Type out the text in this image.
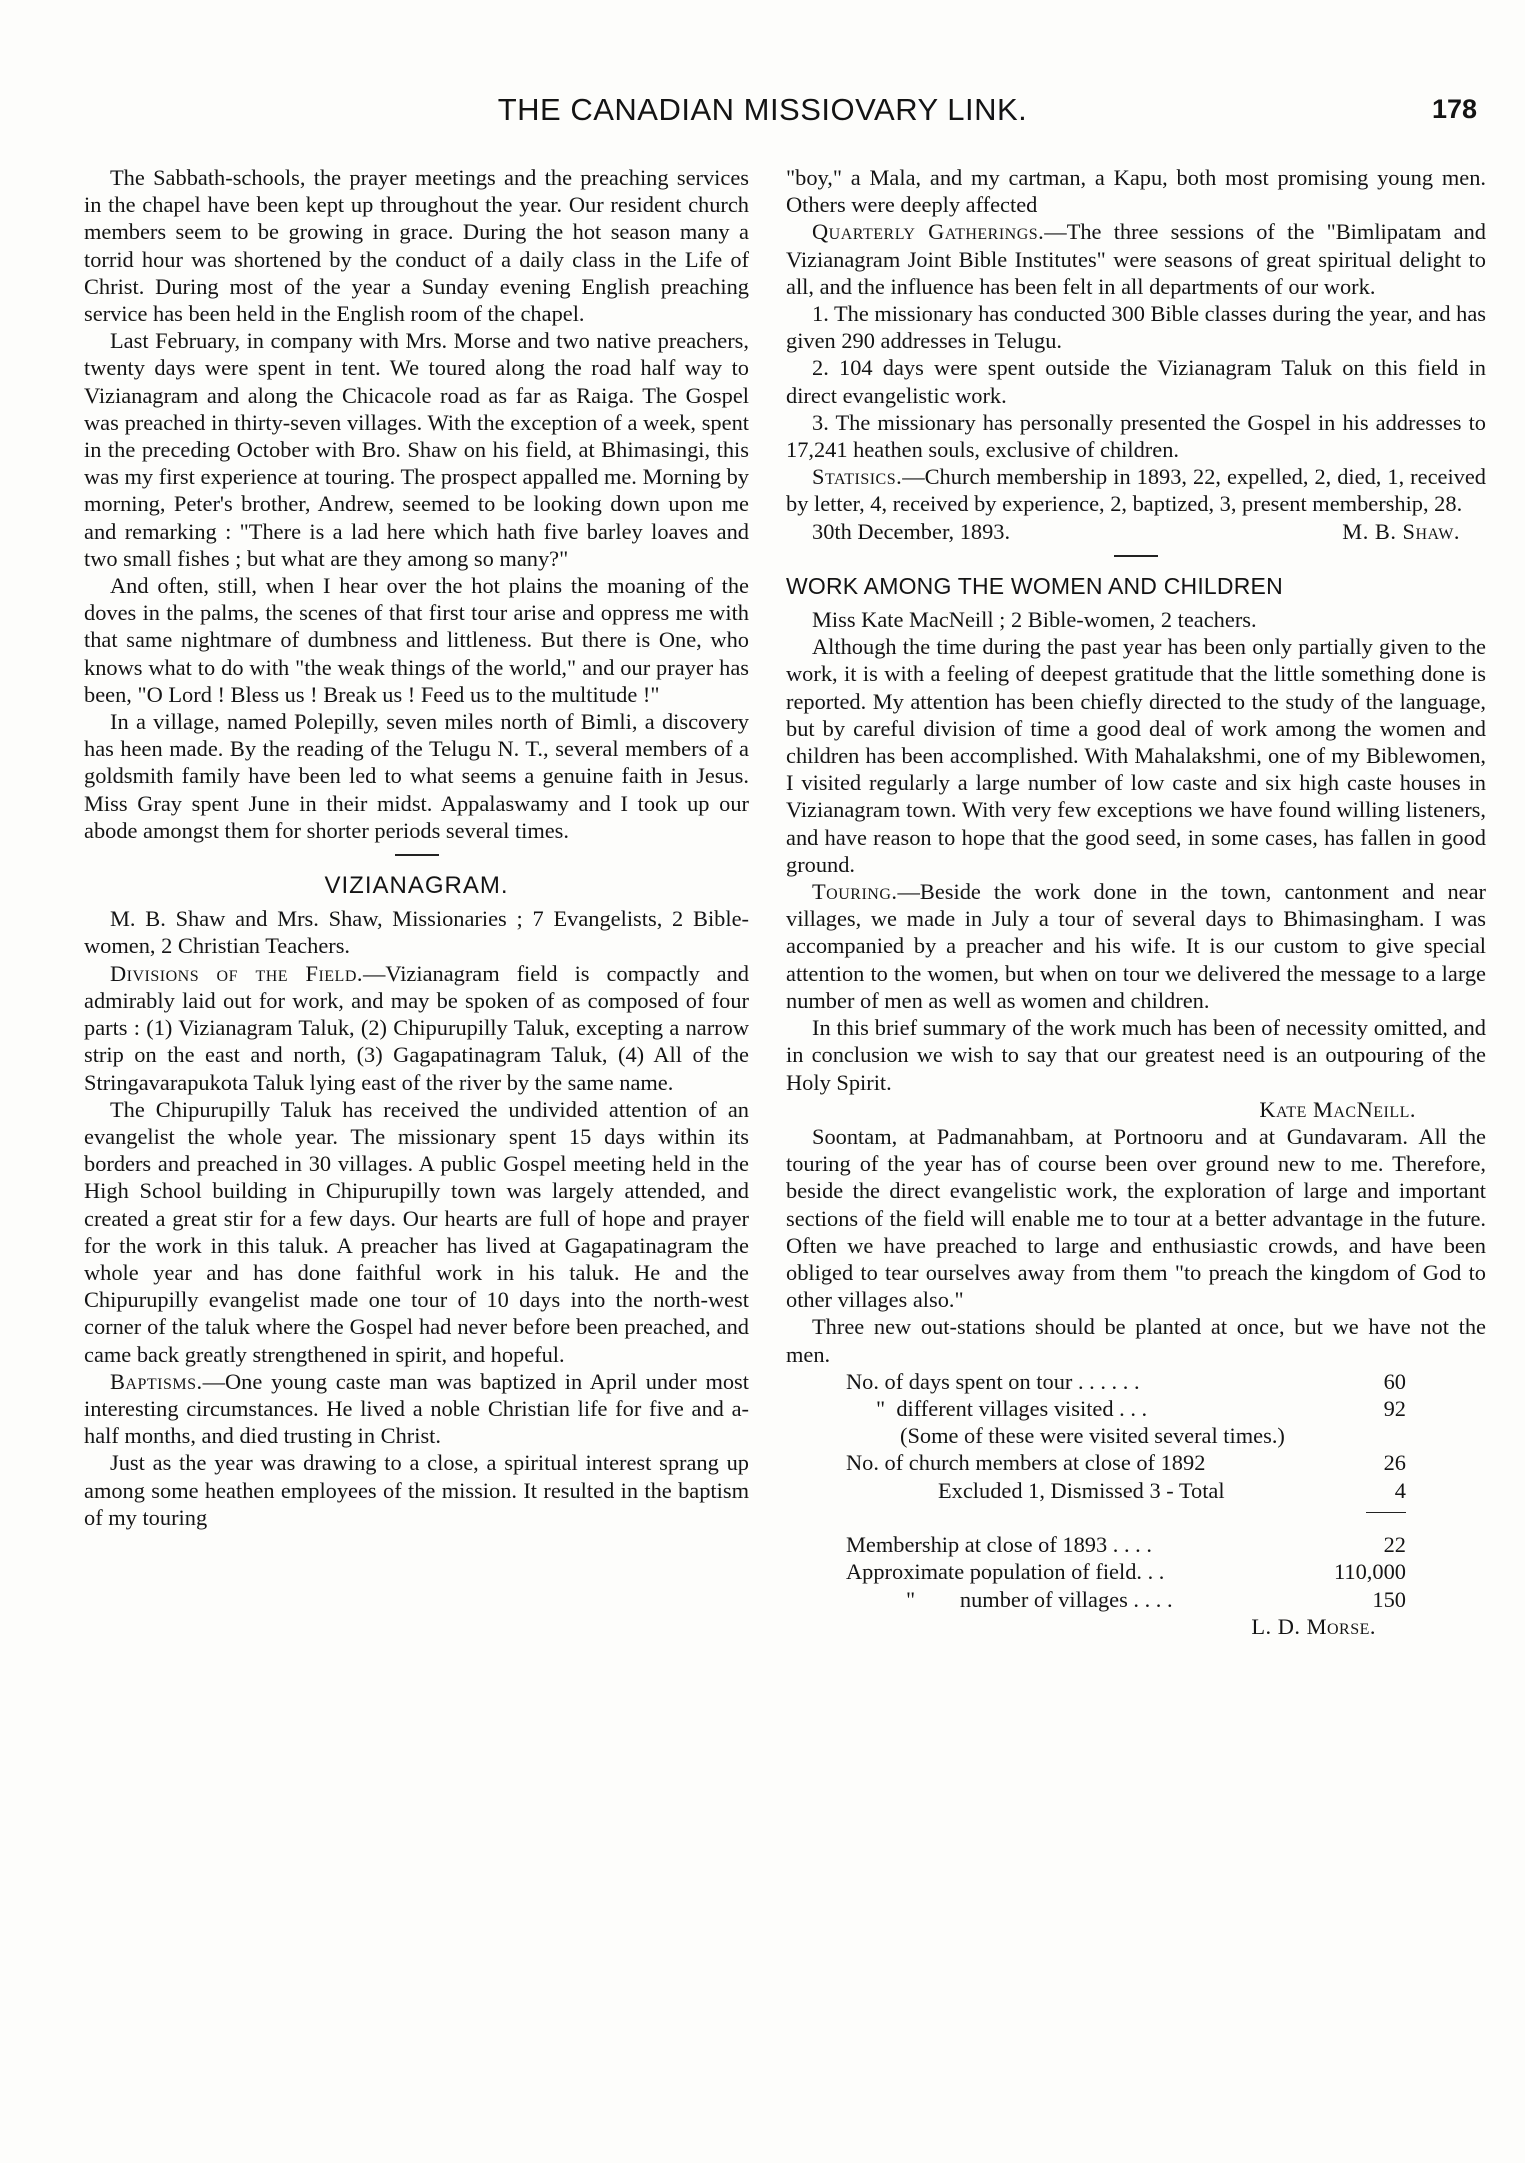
THE CANADIAN MISSIOVARY LINK.	178

The Sabbath-schools, the prayer meetings and the preaching services in the chapel have been kept up throughout the year. Our resident church members seem to be growing in grace. During the hot season many a torrid hour was shortened by the conduct of a daily class in the Life of Christ. During most of the year a Sunday evening English preaching service has been held in the English room of the chapel.

Last February, in company with Mrs. Morse and two native preachers, twenty days were spent in tent. We toured along the road half way to Vizianagram and along the Chicacole road as far as Raiga. The Gospel was preached in thirty-seven villages. With the exception of a week, spent in the preceding October with Bro. Shaw on his field, at Bhimasingi, this was my first experience at touring. The prospect appalled me. Morning by morning, Peter's brother, Andrew, seemed to be looking down upon me and remarking : "There is a lad here which hath five barley loaves and two small fishes ; but what are they among so many?"

And often, still, when I hear over the hot plains the moaning of the doves in the palms, the scenes of that first tour arise and oppress me with that same nightmare of dumbness and littleness. But there is One, who knows what to do with "the weak things of the world," and our prayer has been, "O Lord ! Bless us ! Break us ! Feed us to the multitude !"

In a village, named Polepilly, seven miles north of Bimli, a discovery has heen made. By the reading of the Telugu N. T., several members of a goldsmith family have been led to what seems a genuine faith in Jesus. Miss Gray spent June in their midst. Appalaswamy and I took up our abode amongst them for shorter periods several times.

VIZIANAGRAM.

M. B. Shaw and Mrs. Shaw, Missionaries ; 7 Evangelists, 2 Bible-women, 2 Christian Teachers.

Divisions of the Field.—Vizianagram field is compactly and admirably laid out for work, and may be spoken of as composed of four parts : (1) Vizianagram Taluk, (2) Chipurupilly Taluk, excepting a narrow strip on the east and north, (3) Gagapatinagram Taluk, (4) All of the Stringavarapukota Taluk lying east of the river by the same name.

The Chipurupilly Taluk has received the undivided attention of an evangelist the whole year. The missionary spent 15 days within its borders and preached in 30 villages. A public Gospel meeting held in the High School building in Chipurupilly town was largely attended, and created a great stir for a few days. Our hearts are full of hope and prayer for the work in this taluk. A preacher has lived at Gagapatinagram the whole year and has done faithful work in his taluk. He and the Chipurupilly evangelist made one tour of 10 days into the north-west corner of the taluk where the Gospel had never before been preached, and came back greatly strengthened in spirit, and hopeful.

Baptisms.—One young caste man was baptized in April under most interesting circumstances. He lived a noble Christian life for five and a-half months, and died trusting in Christ.

Just as the year was drawing to a close, a spiritual interest sprang up among some heathen employees of the mission. It resulted in the baptism of my touring

"boy," a Mala, and my cartman, a Kapu, both most promising young men. Others were deeply affected

Quarterly Gatherings.—The three sessions of the "Bimlipatam and Vizianagram Joint Bible Institutes" were seasons of great spiritual delight to all, and the influence has been felt in all departments of our work.

1. The missionary has conducted 300 Bible classes during the year, and has given 290 addresses in Telugu.

2. 104 days were spent outside the Vizianagram Taluk on this field in direct evangelistic work.

3. The missionary has personally presented the Gospel in his addresses to 17,241 heathen souls, exclusive of children.

Statisics.—Church membership in 1893, 22, expelled, 2, died, 1, received by letter, 4, received by experience, 2, baptized, 3, present membership, 28.

30th December, 1893.	M. B. Shaw.
WORK AMONG THE WOMEN AND CHILDREN

Miss Kate MacNeill ; 2 Bible-women, 2 teachers.

Although the time during the past year has been only partially given to the work, it is with a feeling of deepest gratitude that the little something done is reported. My attention has been chiefly directed to the study of the language, but by careful division of time a good deal of work among the women and children has been accomplished. With Mahalakshmi, one of my Biblewomen, I visited regularly a large number of low caste and six high caste houses in Vizianagram town. With very few exceptions we have found willing listeners, and have reason to hope that the good seed, in some cases, has fallen in good ground.

Touring.—Beside the work done in the town, cantonment and near villages, we made in July a tour of several days to Bhimasingham. I was accompanied by a preacher and his wife. It is our custom to give special attention to the women, but when on tour we delivered the message to a large number of men as well as women and children.

In this brief summary of the work much has been of necessity omitted, and in conclusion we wish to say that our greatest need is an outpouring of the Holy Spirit.

Kate MacNeill.

Soontam, at Padmanahbam, at Portnooru and at Gundavaram. All the touring of the year has of course been over ground new to me. Therefore, beside the direct evangelistic work, the exploration of large and important sections of the field will enable me to tour at a better advantage in the future. Often we have preached to large and enthusiastic crowds, and have been obliged to tear ourselves away from them "to preach the kingdom of God to other villages also."

Three new out-stations should be planted at once, but we have not the men.

No. of days spent on tour . . . . . .	60
"  different villages visited . . .	92
(Some of these were visited several times.)
No. of church members at close of 1892	26
Excluded 1, Dismissed 3 - Total	4
Membership at close of 1893 . . . .	22
Approximate population of field. . .	110,000
"        number of villages . . . .	150

L. D. Morse.
